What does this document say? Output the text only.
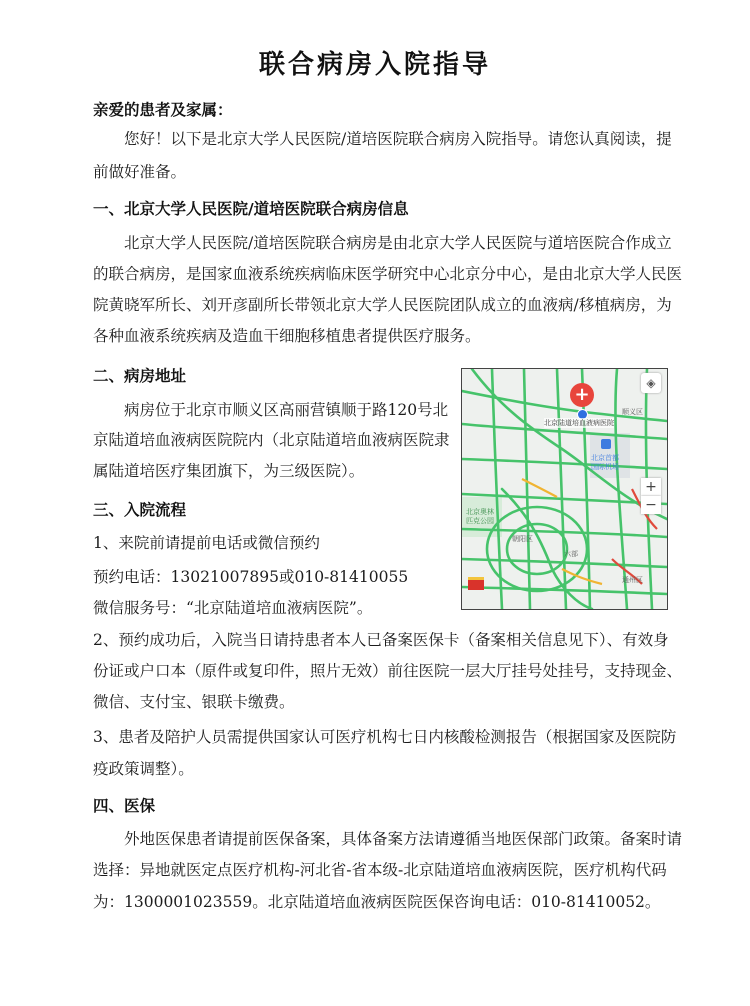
联合病房入院指导
亲爱的患者及家属：
您好！以下是北京大学人民医院/道培医院联合病房入院指导。请您认真阅读，提
前做好准备。
一、北京大学人民医院/道培医院联合病房信息
北京大学人民医院/道培医院联合病房是由北京大学人民医院与道培医院合作成立
的联合病房，是国家血液系统疾病临床医学研究中心北京分中心，是由北京大学人民医
院黄晓军所长、刘开彦副所长带领北京大学人民医院团队成立的血液病/移植病房，为
各种血液系统疾病及造血干细胞移植患者提供医疗服务。
二、病房地址
病房位于北京市顺义区高丽营镇顺于路120号北
京陆道培血液病医院院内（北京陆道培血液病医院隶
属陆道培医疗集团旗下，为三级医院）。
三、入院流程
1、来院前请提前电话或微信预约
预约电话：13021007895或010-81410055
微信服务号：“北京陆道培血液病医院”。
2、预约成功后，入院当日请持患者本人已备案医保卡（备案相关信息见下）、有效身
份证或户口本（原件或复印件，照片无效）前往医院一层大厅挂号处挂号，支持现金、
微信、支付宝、银联卡缴费。
3、患者及陪护人员需提供国家认可医疗机构七日内核酸检测报告（根据国家及医院防
疫政策调整）。
四、医保
外地医保患者请提前医保备案，具体备案方法请遵循当地医保部门政策。备案时请
选择：异地就医定点医疗机构-河北省-省本级-北京陆道培血液病医院，医疗机构代码
为：1300001023559。北京陆道培血液病医院医保咨询电话：010-81410052。
+
北京陆道培血液病医院
顺义区
北京首都
国际机场
北京奥林
匹克公园
朝阳区
六部
通州区
◈
+
−
